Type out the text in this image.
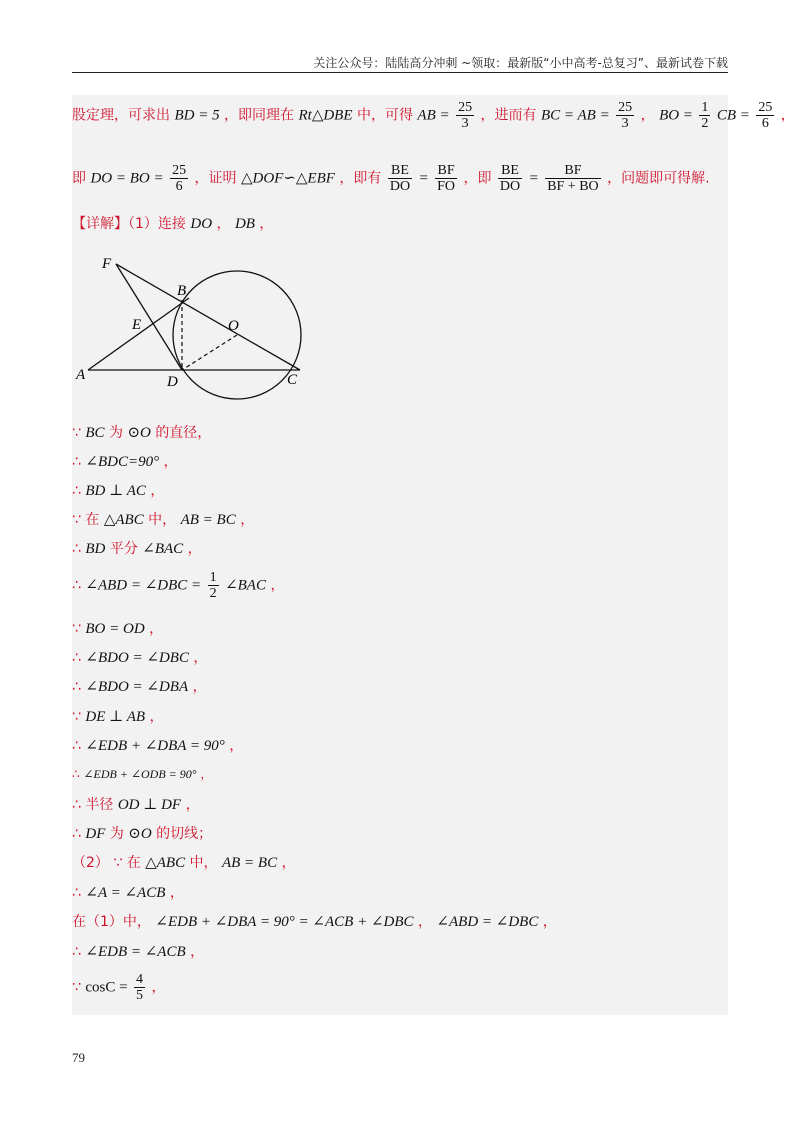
关注公众号：陆陆高分冲刺 ~领取：最新版“小中高考-总复习”、最新试卷下载
股定理，可求出 BD = 5 ，即同理在 Rt△DBE 中，可得 AB = $\frac{25}{3}$ ，进而有 BC = AB = $\frac{25}{3}$ ， BO = $\frac{1}{2}$ CB = $\frac{25}{6}$ ，
即 DO = BO = $\frac{25}{6}$ ，证明 △DOF∽△EBF ，即有 $\frac{BE}{DO} = \frac{BF}{FO}$ ，即 $\frac{BE}{DO} = \frac{BF}{BF + BO}$ ，问题即可得解.
【详解】（1）连接 DO ， DB ，
F
B
E	O
A	D	C
∵ BC 为 ⊙O 的直径，
∴ ∠BDC=90° ，
∴ BD ⊥ AC ，
∵ 在 △ABC 中， AB = BC ，
∴ BD 平分 ∠BAC ，
∴ ∠ABD = ∠DBC = $\frac{1}{2}$ ∠BAC ，
∵ BO = OD ，
∴ ∠BDO = ∠DBC ，
∴ ∠BDO = ∠DBA ，
∵ DE ⊥ AB ，
∴ ∠EDB + ∠DBA = 90° ，
∴ ∠EDB + ∠ODB = 90° ，
∴ 半径 OD ⊥ DF ，
∴ DF 为 ⊙O 的切线；
（2） ∵ 在 △ABC 中， AB = BC ，
∴ ∠A = ∠ACB ，
在（1）中， ∠EDB + ∠DBA = 90° = ∠ACB + ∠DBC ， ∠ABD = ∠DBC ，
∴ ∠EDB = ∠ACB ，
∵ $\cos C = \frac{4}{5}$ ，
79
